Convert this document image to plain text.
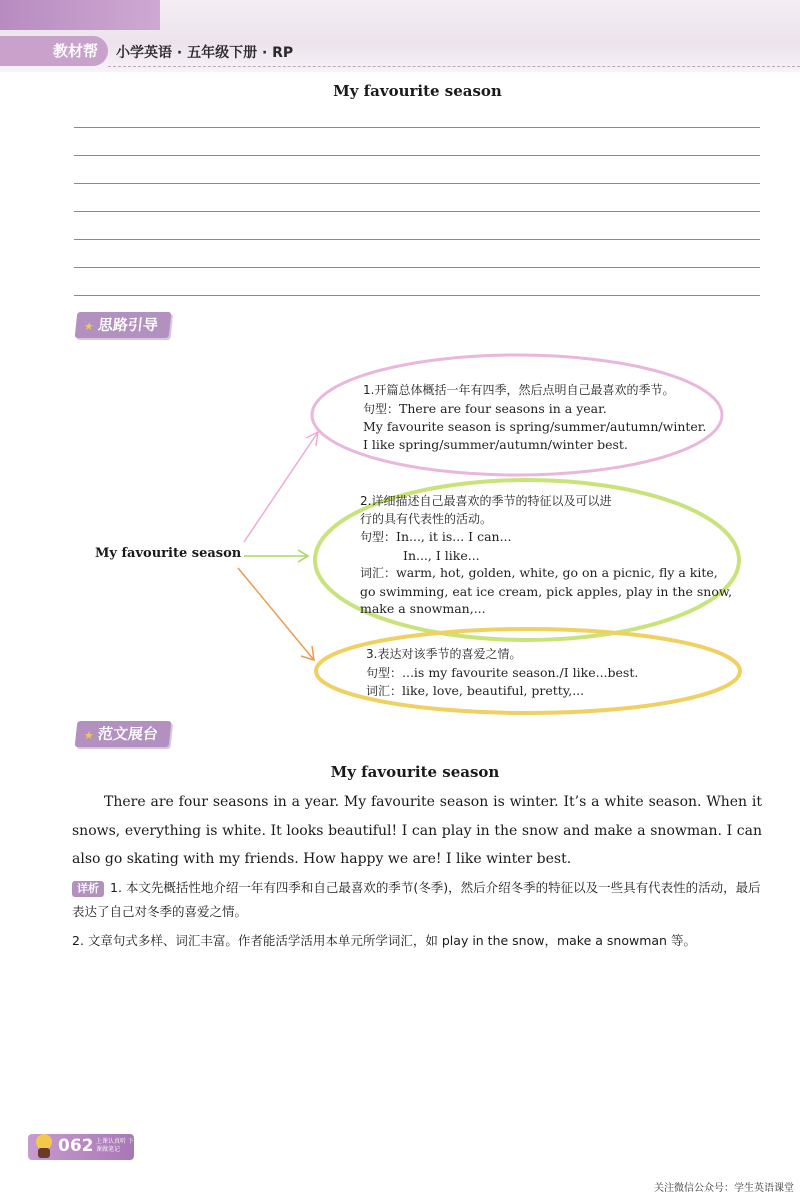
教材帮	小学英语 · 五年级下册 · RP
My favourite season
★ 思路引导
My favourite season
1.开篇总体概括一年有四季，然后点明自己最喜欢的季节。
句型：There are four seasons in a year.
My favourite season is spring/summer/autumn/winter.
I like spring/summer/autumn/winter best.
2.详细描述自己最喜欢的季节的特征以及可以进
行的具有代表性的活动。
句型：In..., it is... I can...
In..., I like...
词汇：warm, hot, golden, white, go on a picnic, fly a kite,
go swimming, eat ice cream, pick apples, play in the snow,
make a snowman,...
3.表达对该季节的喜爱之情。
句型：...is my favourite season./I like...best.
词汇：like, love, beautiful, pretty,...
★ 范文展台
My favourite season
There are four seasons in a year. My favourite season is winter. It’s a white season. When it snows, everything is white. It looks beautiful! I can play in the snow and make a snowman. I can also go skating with my friends. How happy we are! I like winter best.
详析 1. 本文先概括性地介绍一年有四季和自己最喜欢的季节(冬季)，然后介绍冬季的特征以及一些具有代表性的活动，最后表达了自己对冬季的喜爱之情。
2. 文章句式多样、词汇丰富。作者能活学活用本单元所学词汇，如 play in the snow，make a snowman 等。
062 上课认真听 下课做笔记
关注微信公众号：学生英语课堂
